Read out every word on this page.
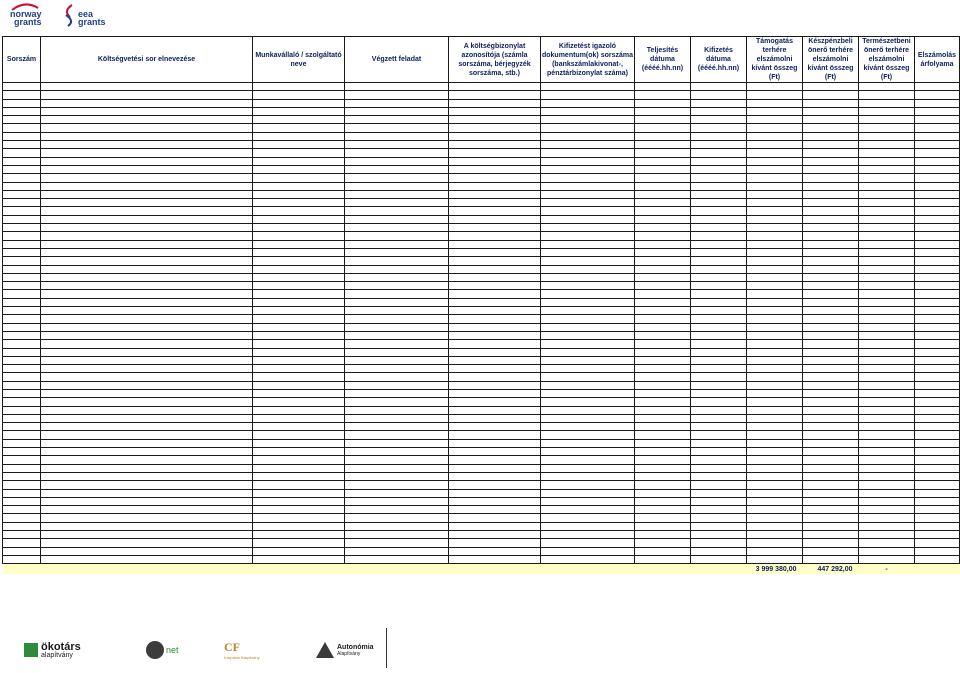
norway
grants
eea
grants
Sorszám	Költségvetési sor elnevezése	Munkavállaló / szolgáltató neve	Végzett feladat	A költségbizonylat azonosítója (számla sorszáma, bérjegyzék sorszáma, stb.)	Kifizetést igazoló dokumentum(ok) sorszáma (bankszámlakivonat-, pénztárbizonylat száma)	Teljesítés dátuma (éééé.hh.nn)	Kifizetés dátuma (éééé.hh.nn)	Támogatás terhére elszámolni kívánt összeg (Ft)	Készpénzbeli önerő terhére elszámolni kívánt összeg (Ft)	Természetbeni önerő terhére elszámolni kívánt összeg (Ft)	Elszámolás árfolyama

								3 999 380,00	447 292,00	-	
ökotárs
alapítvány	net	CF
Kárpátok Alapítvány
Autonómia
Alapítvány
